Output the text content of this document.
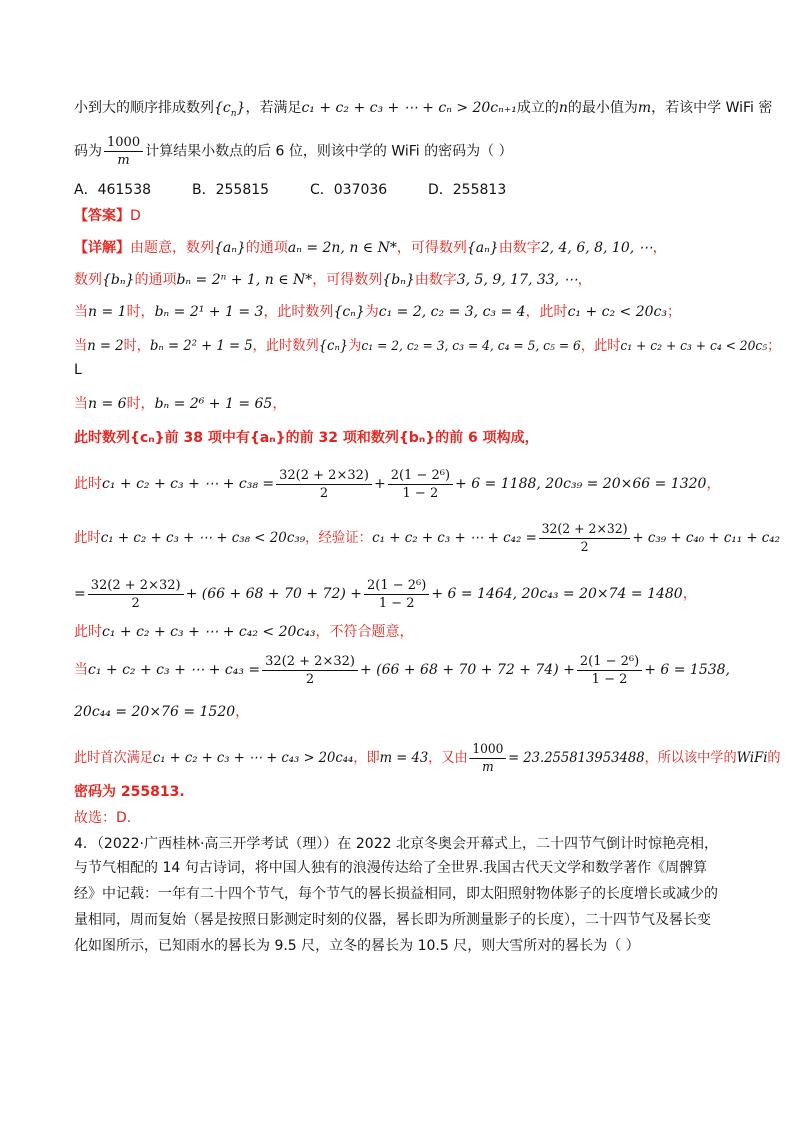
小到大的顺序排成数列$\{c_n\}$，若满足c₁ + c₂ + c₃ + ⋯ + cₙ > 20cₙ₊₁成立的n的最小值为m，若该中学 WiFi 密
码为 $\frac{1000}{m}$ 计算结果小数点的后 6 位，则该中学的 WiFi 的密码为（ ）
A．461538	B．255815	C．037036	D．255813
【答案】D
【详解】由题意，数列{aₙ}的通项aₙ = 2n, n ∈ N*，可得数列{aₙ}由数字2, 4, 6, 8, 10, ⋯，
数列{bₙ}的通项bₙ = 2ⁿ + 1, n ∈ N*，可得数列{bₙ}由数字3, 5, 9, 17, 33, ⋯，
当n = 1时，bₙ = 2¹ + 1 = 3，此时数列{cₙ}为c₁ = 2, c₂ = 3, c₃ = 4，此时c₁ + c₂ < 20c₃；
当n = 2时，bₙ = 2² + 1 = 5，此时数列{cₙ}为c₁ = 2, c₂ = 3, c₃ = 4, c₄ = 5, c₅ = 6，此时c₁ + c₂ + c₃ + c₄ < 20c₅；
L
当n = 6时，bₙ = 2⁶ + 1 = 65，
此时数列{cₙ}前 38 项中有{aₙ}的前 32 项和数列{bₙ}的前 6 项构成，
此时c₁ + c₂ + c₃ + ⋯ + $c_{38} = \frac{32(2 + 2\times 32)}{2} + \frac{\text{2(1 − 2⁶)}}{1 - 2} + 6 = 1188$, 20c₃₉ = 20×66 = 1320，
此时c₁ + c₂ + c₃ + ⋯ + c₃₈ < 20c₃₉，经验证：c₁ + c₂ + c₃ + ⋯ + $c_{42} = \frac{32(2 + 2\times 32)}{2} + c_{39} + c_{40} + c_{11} + c_{42}$
= $\frac{32(2 + 2\times 32)}{2} + (66 + 68 + 70 + 72) + \frac{\text{2(1 − 2⁶)}}{1 - 2} + 6 = 1464$, 20c₄₃ = 20×74 = 1480，
此时c₁ + c₂ + c₃ + ⋯ + c₄₂ < 20c₄₃，不符合题意，
当c₁ + c₂ + c₃ + ⋯ + $c_{43} = \frac{32(2 + 2\times 32)}{2} + (66 + 68 + 70 + 72 + 74) + \frac{\text{2(1 − 2⁶)}}{1 - 2} + 6 = 1538$,
20c₄₄ = 20×76 = 1520，
此时首次满足c₁ + c₂ + c₃ + ⋯ + c₄₃ > 20c₄₄，即m = 43，又由 $\frac{1000}{m} = 23.255813953488$，所以该中学的WiFi的
密码为 255813.
故选：D.
4．（2022·广西桂林·高三开学考试（理））在 2022 北京冬奥会开幕式上，二十四节气倒计时惊艳亮相，
与节气相配的 14 句古诗词，将中国人独有的浪漫传达给了全世界.我国古代天文学和数学著作《周髀算
经》中记载：一年有二十四个节气，每个节气的晷长损益相同，即太阳照射物体影子的长度增长或减少的
量相同，周而复始（晷是按照日影测定时刻的仪器，晷长即为所测量影子的长度），二十四节气及晷长变
化如图所示，已知雨水的晷长为 9.5 尺，立冬的晷长为 10.5 尺，则大雪所对的晷长为（ ）
